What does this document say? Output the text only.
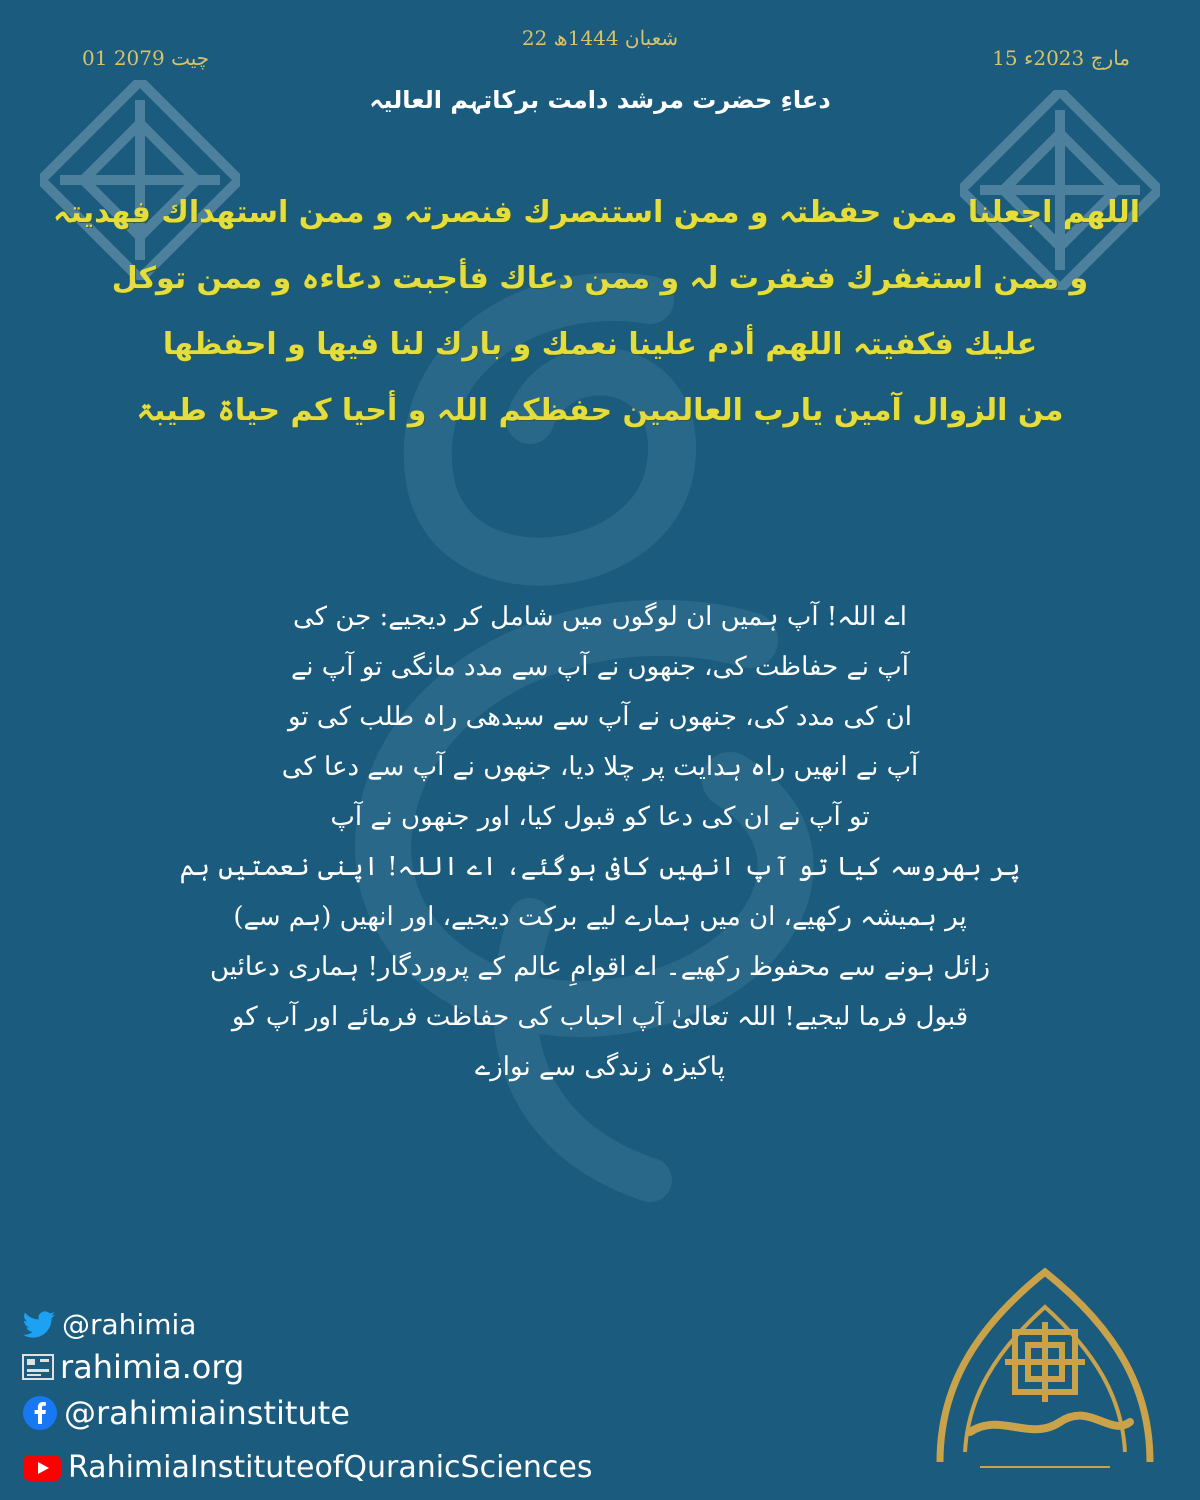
22 شعبان 1444ھ
15 مارچ 2023ء
01 چیت 2079
دعاءِ حضرت مرشد دامت برکاتہم العالیہ
اللھم اجعلنا ممن حفظتہ و ممن استنصرك فنصرتہ و ممن استھداك فھدیتہ
و ممن استغفرك فغفرت لہ و ممن دعاك فأجبت دعاءہ و ممن توكل
علیك فكفیتہ اللھم أدم علینا نعمك و بارك لنا فیھا و احفظھا
من الزوال آمین یارب العالمین حفظكم اللہ و أحیا كم حیاۃ طیبۃ
اے اللہ! آپ ہمیں ان لوگوں میں شامل کر دیجیے: جن کی
آپ نے حفاظت کی، جنھوں نے آپ سے مدد مانگی تو آپ نے
ان کی مدد کی، جنھوں نے آپ سے سیدھی راہ طلب کی تو
آپ نے انھیں راہ ہدایت پر چلا دیا، جنھوں نے آپ سے دعا کی
تو آپ نے ان کی دعا کو قبول کیا، اور جنھوں نے آپ
پر بھروسہ کیا تو آپ انھیں کافی ہوگئے، اے اللہ! اپنی نعمتیں ہم
پر ہمیشہ رکھیے، ان میں ہمارے لیے برکت دیجیے، اور انھیں (ہم سے)
زائل ہونے سے محفوظ رکھیے۔ اے اقوامِ عالم کے پروردگار! ہماری دعائیں
قبول فرما لیجیے! اللہ تعالیٰ آپ احباب کی حفاظت فرمائے اور آپ کو
پاکیزہ زندگی سے نوازے
@rahimia
rahimia.org
@rahimiainstitute
RahimiaInstituteofQuranicSciences
